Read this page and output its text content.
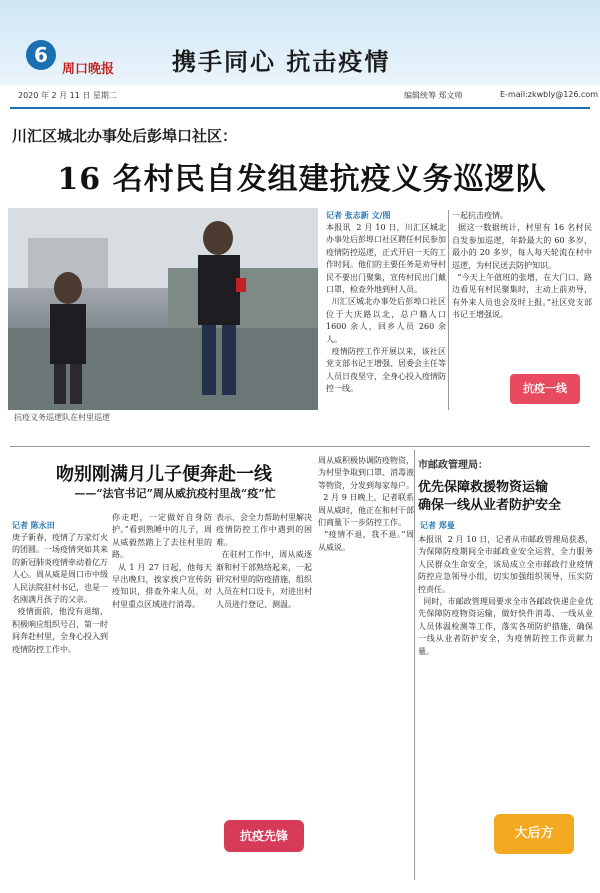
6
周口晚报 携手同心 抗击疫情
2020 年 2 月 11 日 星期二	编辑统筹 郑文帅	E-mail:zkwbly@126.com
川汇区城北办事处后彭埠口社区：
16 名村民自发组建抗疫义务巡逻队
抗疫义务巡逻队在村里巡逻
记者 张志新 文/图
本报讯  2 月 10 日，川汇区城北办事处后彭埠口社区聘任村民参加疫情防控巡逻，正式开启一天的工作时间。他们的主要任务是劝导村民不要出门聚集，宣传村民出门戴口罩，检查外地到村人员。
川汇区城北办事处后彭埠口社区位于大庆路以北，总户籍人口 1600 余人，回乡人员 260 余人。
疫情防控工作开展以来，该社区党支部书记王增强、居委会主任等人员日夜坚守，全身心投入疫情防控一线。
一起抗击疫情。
据这一数据统计，村里有 16 名村民自发参加巡逻，年龄最大的 60 多岁，最小的 20 多岁，每人每天轮流在村中巡逻，为村民送去防护知识。
“今天上午值班的张增，在大门口、路边看见有村民聚集时，主动上前劝导，有外来人员也会及时上报。”社区党支部书记王增强说。
抗疫一线
吻别刚满月儿子便奔赴一线
——“法官书记”周从威抗疫村里战“疫”忙
记者 陈永田
庚子新春，疫情了万家灯火的团圆。一场疫情突如其来的新冠肺炎疫情牵动着亿万人心。周从威是周口市中级人民法院驻村书记，也是一名刚满月孩子的父亲。
疫情面前，他没有退缩，积极响应组织号召，第一时间奔赴村里，全身心投入到疫情防控工作中。
你走吧，一定做好自身防护。”看到熟睡中的儿子，周从威毅然踏上了去往村里的路。
从 1 月 27 日起，他每天早出晚归，挨家挨户宣传防疫知识，排查外来人员，对村里重点区域进行消毒。
表示，会全力帮助村里解决疫情防控工作中遇到的困难。
在驻村工作中，周从威逐渐和村干部熟络起来，一起研究村里的防疫措施，组织人员在村口设卡，对进出村人员进行登记、测温。
周从威积极协调防疫物资，为村里争取到口罩、消毒液等物资，分发到每家每户。
2 月 9 日晚上，记者联系周从威时，他正在和村干部们商量下一步防控工作。
“疫情不退，我不退。”周从威说。
抗疫先锋
市邮政管理局：
优先保障救援物资运输
确保一线从业者防护安全
记者 郑曼
本报讯  2 月 10 日，记者从市邮政管理局获悉，为保障防疫期间全市邮政业安全运营，全力服务人民群众生命安全，该局成立全市邮政行业疫情防控应急领导小组，切实加强组织领导，压实防控责任。
同时，市邮政管理局要求全市各邮政快递企业优先保障防疫物资运输，做好快件消毒、一线从业人员体温检测等工作，落实各项防护措施，确保一线从业者防护安全，为疫情防控工作贡献力量。
大后方
